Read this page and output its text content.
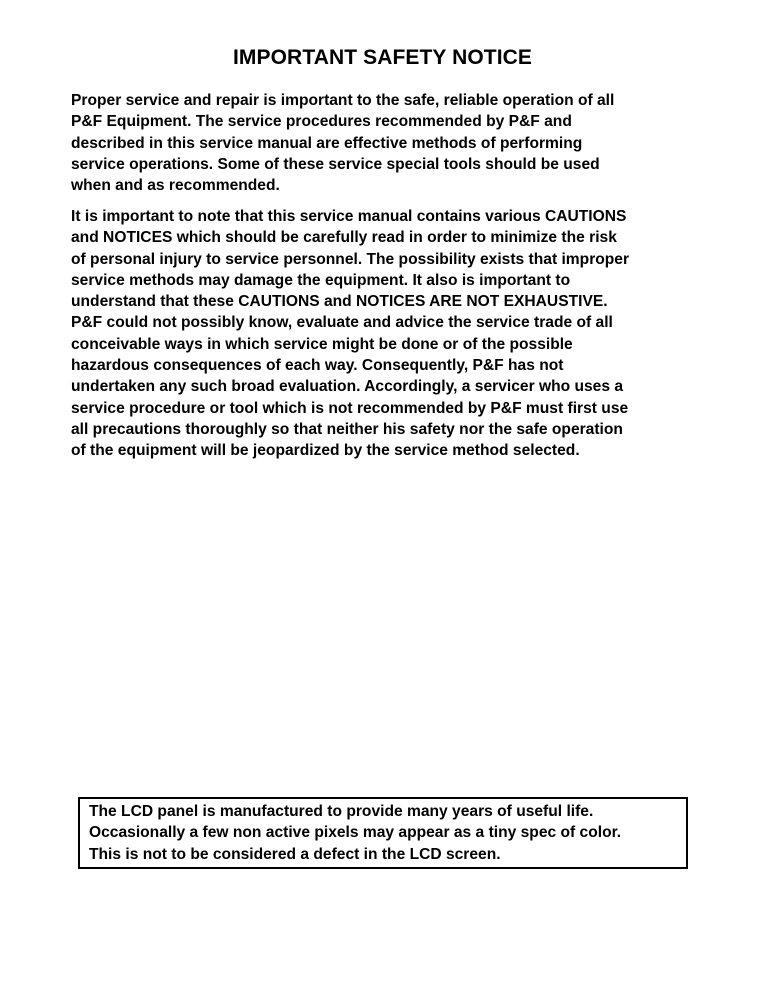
IMPORTANT SAFETY NOTICE

Proper service and repair is important to the safe, reliable operation of all
P&F Equipment. The service procedures recommended by P&F and
described in this service manual are effective methods of performing
service operations. Some of these service special tools should be used
when and as recommended.

It is important to note that this service manual contains various CAUTIONS
and NOTICES which should be carefully read in order to minimize the risk
of personal injury to service personnel. The possibility exists that improper
service methods may damage the equipment. It also is important to
understand that these CAUTIONS and NOTICES ARE NOT EXHAUSTIVE.
P&F could not possibly know, evaluate and advice the service trade of all
conceivable ways in which service might be done or of the possible
hazardous consequences of each way. Consequently, P&F has not
undertaken any such broad evaluation. Accordingly, a servicer who uses a
service procedure or tool which is not recommended by P&F must first use
all precautions thoroughly so that neither his safety nor the safe operation
of the equipment will be jeopardized by the service method selected.

The LCD panel is manufactured to provide many years of useful life.
Occasionally a few non active pixels may appear as a tiny spec of color.
This is not to be considered a defect in the LCD screen.
